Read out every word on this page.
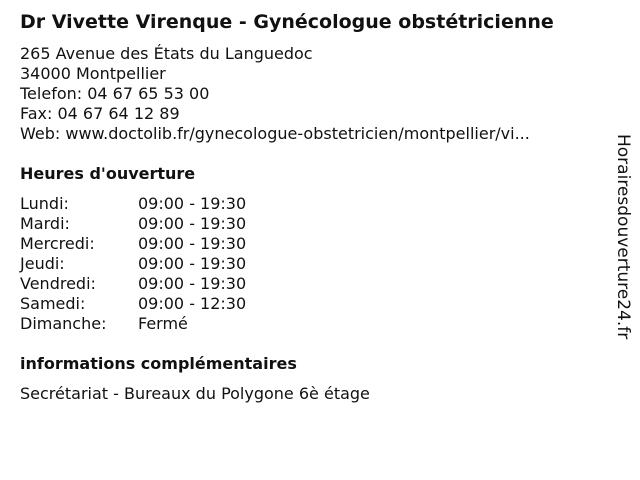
Dr Vivette Virenque - Gynécologue obstétricienne
265 Avenue des États du Languedoc
34000 Montpellier
Telefon: 04 67 65 53 00
Fax: 04 67 64 12 89
Web: www.doctolib.fr/gynecologue-obstetricien/montpellier/vi...
Heures d'ouverture
Lundi:	09:00 - 19:30
Mardi:	09:00 - 19:30
Mercredi:	09:00 - 19:30
Jeudi:	09:00 - 19:30
Vendredi:	09:00 - 19:30
Samedi:	09:00 - 12:30
Dimanche:	Fermé
informations complémentaires
Secrétariat - Bureaux du Polygone 6è étage
Horairesdouverture24.fr
